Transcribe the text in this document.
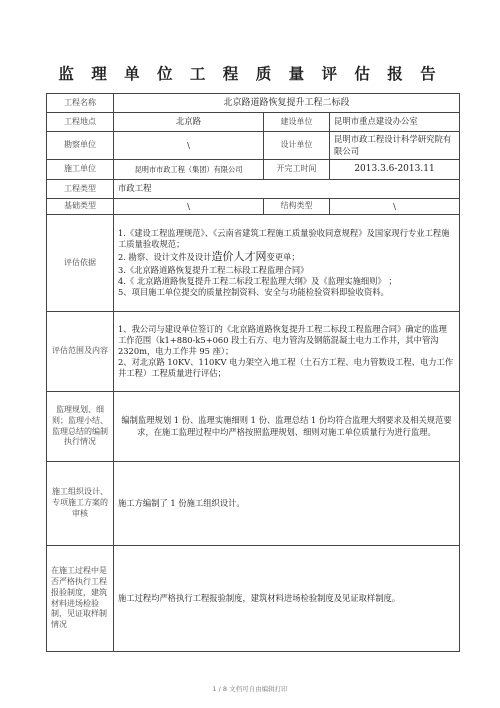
监 理 单 位 工 程 质 量 评 估 报 告
工程名称	北京路道路恢复提升工程二标段		
工程地点	北京路	建设单位	昆明市重点建设办公室
勘察单位	\	设计单位	昆明市政工程设计科学研究院有限公司
施工单位	昆明市市政工程（集团）有限公司	开完工时间	2013.3.6-2013.11
工程类型	市政工程		
基础类型	\	结构类型	\
评估依据	1.《建设工程监理规范》、《云南省建筑工程施工质量验收同意规程》及国家现行专业工程施工质量验收规范；
2. 勘察、设计文件及设计造价人才网变更单；
3.《北京路道路恢复提升工程二标段工程监理合同》
4.《 北京路道路恢复提升工程二标段工程监理大纲》及《监理实施细则》 ；
5、项目施工单位提交的质量控制资料、安全与功能检验资料即验收资料。		

评估范围及内容	1、我公司与建设单位签订的《北京路道路恢复提升工程二标段工程监理合同》确定的监理工作范围（k1+880-k5+060 段土石方、电力管沟及钢筋混凝土电力工作井，其中管沟 2320m，电力工作井 95 座）；
2、对北京路 10KV、110KV 电力架空入地工程（土石方工程、电力管数设工程、电力工作井工程）工程质量进行评估；		

监理规划、细则；监理小结、监理总结的编制执行情况	编制监理规划 1 份、监理实施细则 1 份、监理总结 1 份均符合监理大纲要求及相关规范要求，在施工监理过程中均严格按照监理规划、细则对施工单位质量行为进行监理。		
施工组织设计、专项施工方案的审核	施工方编制了 1 份施工组织设计。		
在施工过程中是否严格执行工程报验制度，建筑材料进场检验制，见证取样制情况	施工过程均严格执行工程报验制度，建筑材料进场检验制度及见证取样制度。		
1 / 8 文档可自由编辑打印
